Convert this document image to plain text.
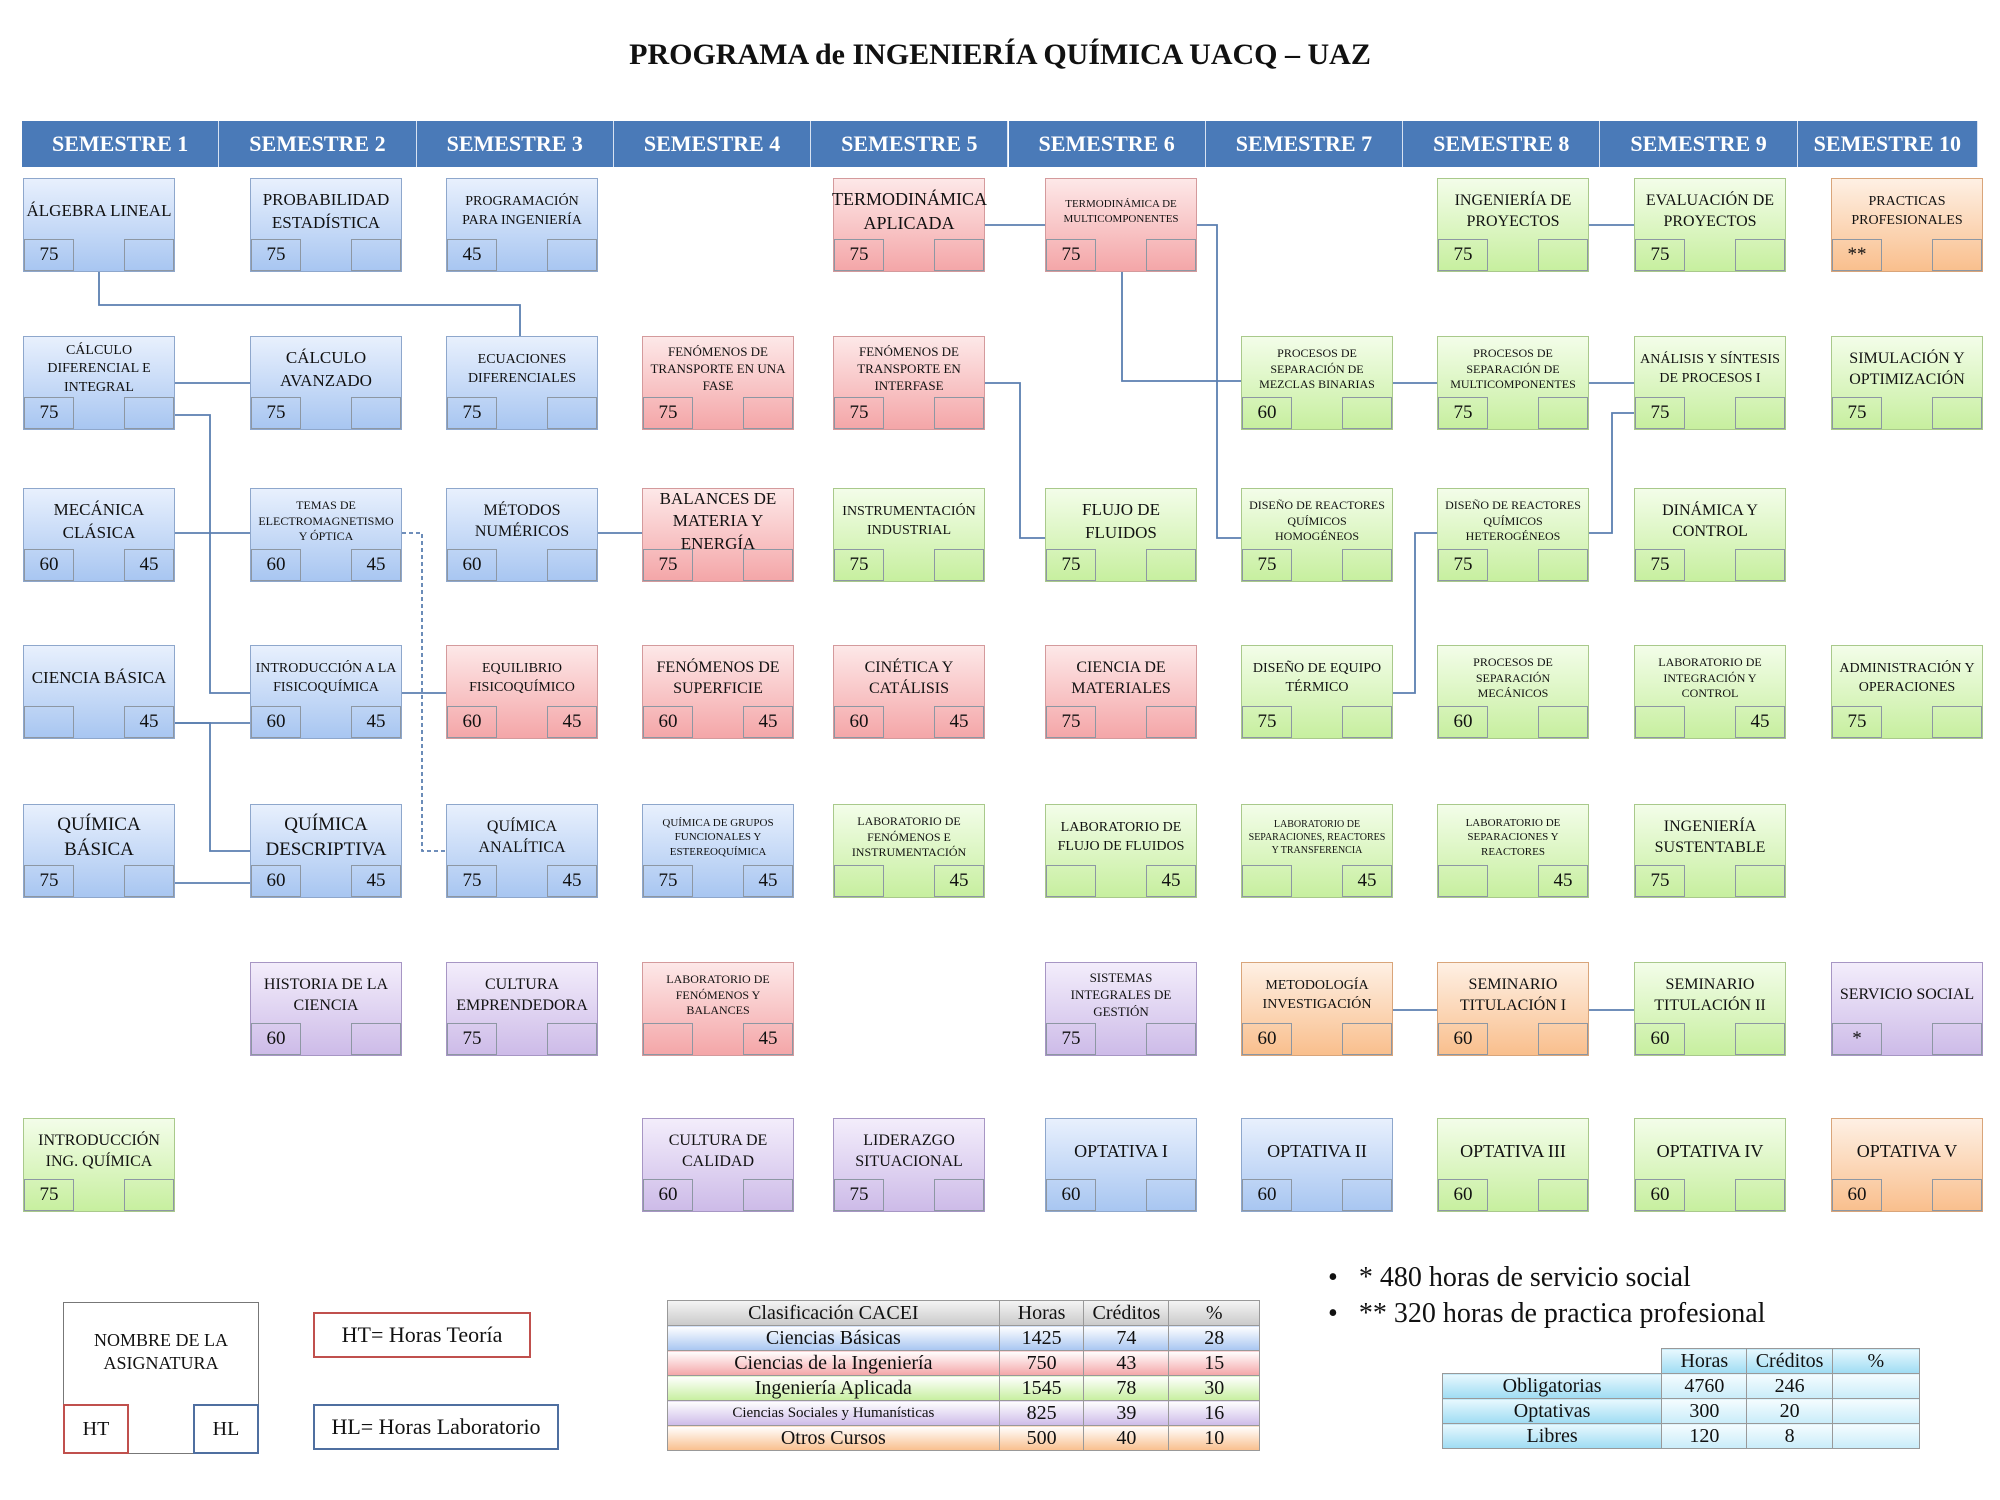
PROGRAMA de INGENIERÍA QUÍMICA UACQ – UAZ
SEMESTRE 1	SEMESTRE 2	SEMESTRE 3	SEMESTRE 4	SEMESTRE 5	SEMESTRE 6	SEMESTRE 7	SEMESTRE 8	SEMESTRE 9	SEMESTRE 10
ÁLGEBRA LINEAL
75
PROBABILIDAD ESTADÍSTICA
75
PROGRAMACIÓN PARA INGENIERÍA
45
TERMODINÁMICA APLICADA
75
TERMODINÁMICA DE MULTICOMPONENTES
75
INGENIERÍA DE PROYECTOS
75
EVALUACIÓN DE PROYECTOS
75
PRACTICAS PROFESIONALES
**
CÁLCULO DIFERENCIAL E INTEGRAL
75
CÁLCULO AVANZADO
75
ECUACIONES DIFERENCIALES
75
FENÓMENOS DE TRANSPORTE EN UNA FASE
75
FENÓMENOS DE TRANSPORTE EN INTERFASE
75
PROCESOS DE SEPARACIÓN DE MEZCLAS BINARIAS
60
PROCESOS DE SEPARACIÓN DE MULTICOMPONENTES
75
ANÁLISIS Y SÍNTESIS DE PROCESOS I
75
SIMULACIÓN Y OPTIMIZACIÓN
75
MECÁNICA CLÁSICA
60	45
TEMAS DE ELECTROMAGNETISMO Y ÓPTICA
60	45
MÉTODOS NUMÉRICOS
60
BALANCES DE MATERIA Y ENERGÍA
75
INSTRUMENTACIÓN INDUSTRIAL
75
FLUJO DE FLUIDOS
75
DISEÑO DE REACTORES QUÍMICOS HOMOGÉNEOS
75
DISEÑO DE REACTORES QUÍMICOS HETEROGÉNEOS
75
DINÁMICA Y CONTROL
75
CIENCIA BÁSICA
45
INTRODUCCIÓN A LA FISICOQUÍMICA
60	45
EQUILIBRIO FISICOQUÍMICO
60	45
FENÓMENOS DE SUPERFICIE
60	45
CINÉTICA Y CATÁLISIS
60	45
CIENCIA DE MATERIALES
75
DISEÑO DE EQUIPO TÉRMICO
75
PROCESOS DE SEPARACIÓN MECÁNICOS
60
LABORATORIO DE INTEGRACIÓN Y CONTROL
45
ADMINISTRACIÓN Y OPERACIONES
75
QUÍMICA BÁSICA
75
QUÍMICA DESCRIPTIVA
60	45
QUÍMICA ANALÍTICA
75	45
QUÍMICA DE GRUPOS FUNCIONALES Y ESTEREOQUÍMICA
75	45
LABORATORIO DE FENÓMENOS E INSTRUMENTACIÓN
45
LABORATORIO DE FLUJO DE FLUIDOS
45
LABORATORIO DE SEPARACIONES, REACTORES Y TRANSFERENCIA
45
LABORATORIO DE SEPARACIONES Y REACTORES
45
INGENIERÍA SUSTENTABLE
75
HISTORIA DE LA CIENCIA
60
CULTURA EMPRENDEDORA
75
LABORATORIO DE FENÓMENOS Y BALANCES
45
SISTEMAS INTEGRALES DE GESTIÓN
75
METODOLOGÍA INVESTIGACIÓN
60
SEMINARIO TITULACIÓN I
60
SEMINARIO TITULACIÓN II
60
SERVICIO SOCIAL
*
INTRODUCCIÓN ING. QUÍMICA
75
CULTURA DE CALIDAD
60
LIDERAZGO SITUACIONAL
75
OPTATIVA I
60
OPTATIVA II
60
OPTATIVA III
60
OPTATIVA IV
60
OPTATIVA V
60
NOMBRE DE LA ASIGNATURA
HT	HL
HT= Horas Teoría
HL= Horas Laboratorio
Clasificación CACEI	Horas	Créditos	%
Ciencias Básicas	1425	74	28
Ciencias de la Ingeniería	750	43	15
Ingeniería Aplicada	1545	78	30
Ciencias Sociales y Humanísticas	825	39	16
Otros Cursos	500	40	10
•   * 480 horas de servicio social
•   ** 320 horas de practica profesional
	Horas	Créditos	%
Obligatorias	4760	246	
Optativas	300	20	
Libres	120	8	
